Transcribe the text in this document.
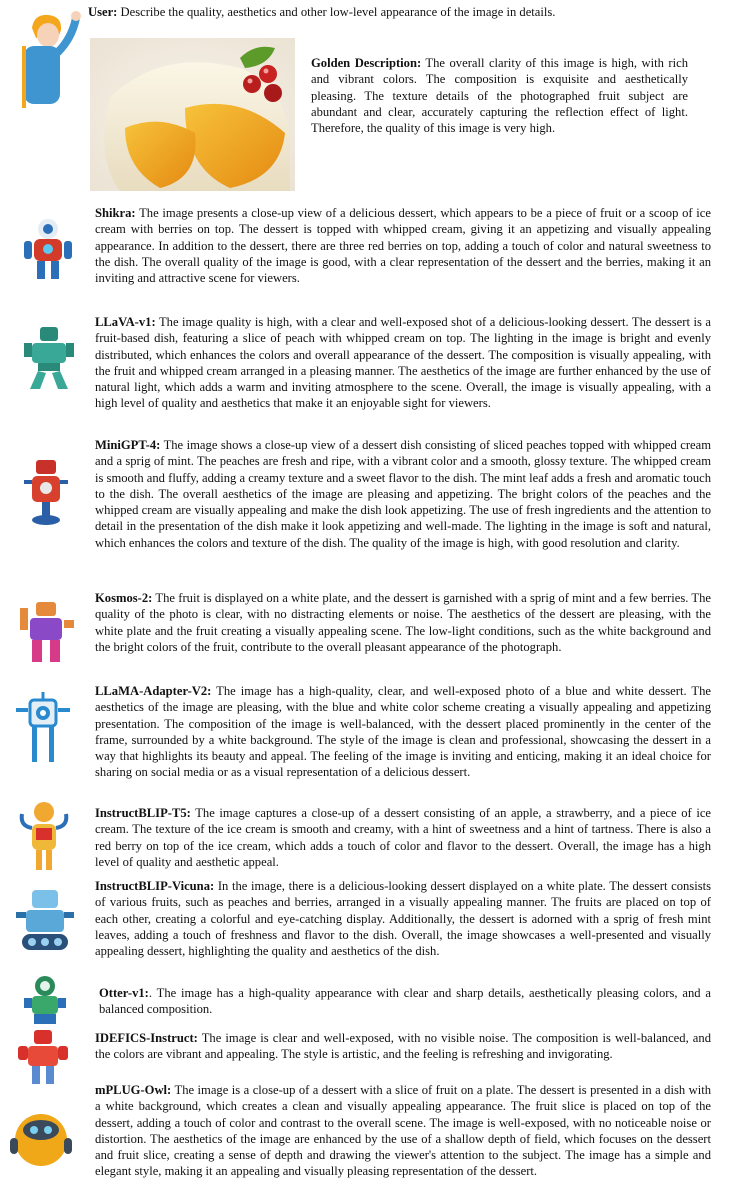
User: Describe the quality, aesthetics and other low-level appearance of the image in details.
Golden Description: The overall clarity of this image is high, with rich and vibrant colors. The composition is exquisite and aesthetically pleasing. The texture details of the photographed fruit subject are abundant and clear, accurately capturing the reflection effect of light. Therefore, the quality of this image is very high.
Shikra: The image presents a close-up view of a delicious dessert, which appears to be a piece of fruit or a scoop of ice cream with berries on top. The dessert is topped with whipped cream, giving it an appetizing and visually appealing appearance. In addition to the dessert, there are three red berries on top, adding a touch of color and natural sweetness to the dish. The overall quality of the image is good, with a clear representation of the dessert and the berries, making it an inviting and attractive scene for viewers.
LLaVA-v1: The image quality is high, with a clear and well-exposed shot of a delicious-looking dessert. The dessert is a fruit-based dish, featuring a slice of peach with whipped cream on top. The lighting in the image is bright and evenly distributed, which enhances the colors and overall appearance of the dessert. The composition is visually appealing, with the fruit and whipped cream arranged in a pleasing manner. The aesthetics of the image are further enhanced by the use of natural light, which adds a warm and inviting atmosphere to the scene. Overall, the image is visually appealing, with a high level of quality and aesthetics that make it an enjoyable sight for viewers.
MiniGPT-4: The image shows a close-up view of a dessert dish consisting of sliced peaches topped with whipped cream and a sprig of mint. The peaches are fresh and ripe, with a vibrant color and a smooth, glossy texture. The whipped cream is smooth and fluffy, adding a creamy texture and a sweet flavor to the dish. The mint leaf adds a fresh and aromatic touch to the dish. The overall aesthetics of the image are pleasing and appetizing. The bright colors of the peaches and the whipped cream are visually appealing and make the dish look appetizing. The use of fresh ingredients and the attention to detail in the presentation of the dish make it look appetizing and well-made. The lighting in the image is soft and natural, which enhances the colors and texture of the dish. The quality of the image is high, with good resolution and clarity.
Kosmos-2: The fruit is displayed on a white plate, and the dessert is garnished with a sprig of mint and a few berries. The quality of the photo is clear, with no distracting elements or noise. The aesthetics of the dessert are pleasing, with the white plate and the fruit creating a visually appealing scene. The low-light conditions, such as the white background and the bright colors of the fruit, contribute to the overall pleasant appearance of the photograph.
LLaMA-Adapter-V2: The image has a high-quality, clear, and well-exposed photo of a blue and white dessert. The aesthetics of the image are pleasing, with the blue and white color scheme creating a visually appealing and appetizing presentation. The composition of the image is well-balanced, with the dessert placed prominently in the center of the frame, surrounded by a white background. The style of the image is clean and professional, showcasing the dessert in a way that highlights its beauty and appeal. The feeling of the image is inviting and enticing, making it an ideal choice for sharing on social media or as a visual representation of a delicious dessert.
InstructBLIP-T5: The image captures a close-up of a dessert consisting of an apple, a strawberry, and a piece of ice cream. The texture of the ice cream is smooth and creamy, with a hint of sweetness and a hint of tartness. There is also a red berry on top of the ice cream, which adds a touch of color and flavor to the dessert. Overall, the image has a high level of quality and aesthetic appeal.
InstructBLIP-Vicuna: In the image, there is a delicious-looking dessert displayed on a white plate. The dessert consists of various fruits, such as peaches and berries, arranged in a visually appealing manner. The fruits are placed on top of each other, creating a colorful and eye-catching display. Additionally, the dessert is adorned with a sprig of fresh mint leaves, adding a touch of freshness and flavor to the dish. Overall, the image showcases a well-presented and visually appealing dessert, highlighting the quality and aesthetics of the dish.
Otter-v1:. The image has a high-quality appearance with clear and sharp details, aesthetically pleasing colors, and a balanced composition.
IDEFICS-Instruct: The image is clear and well-exposed, with no visible noise. The composition is well-balanced, and the colors are vibrant and appealing. The style is artistic, and the feeling is refreshing and invigorating.
mPLUG-Owl: The image is a close-up of a dessert with a slice of fruit on a plate. The dessert is presented in a dish with a white background, which creates a clean and visually appealing appearance. The fruit slice is placed on top of the dessert, adding a touch of color and contrast to the overall scene. The image is well-exposed, with no noticeable noise or distortion. The aesthetics of the image are enhanced by the use of a shallow depth of field, which focuses on the dessert and fruit slice, creating a sense of depth and drawing the viewer's attention to the subject. The image has a simple and elegant style, making it an appealing and visually pleasing representation of the dessert.
